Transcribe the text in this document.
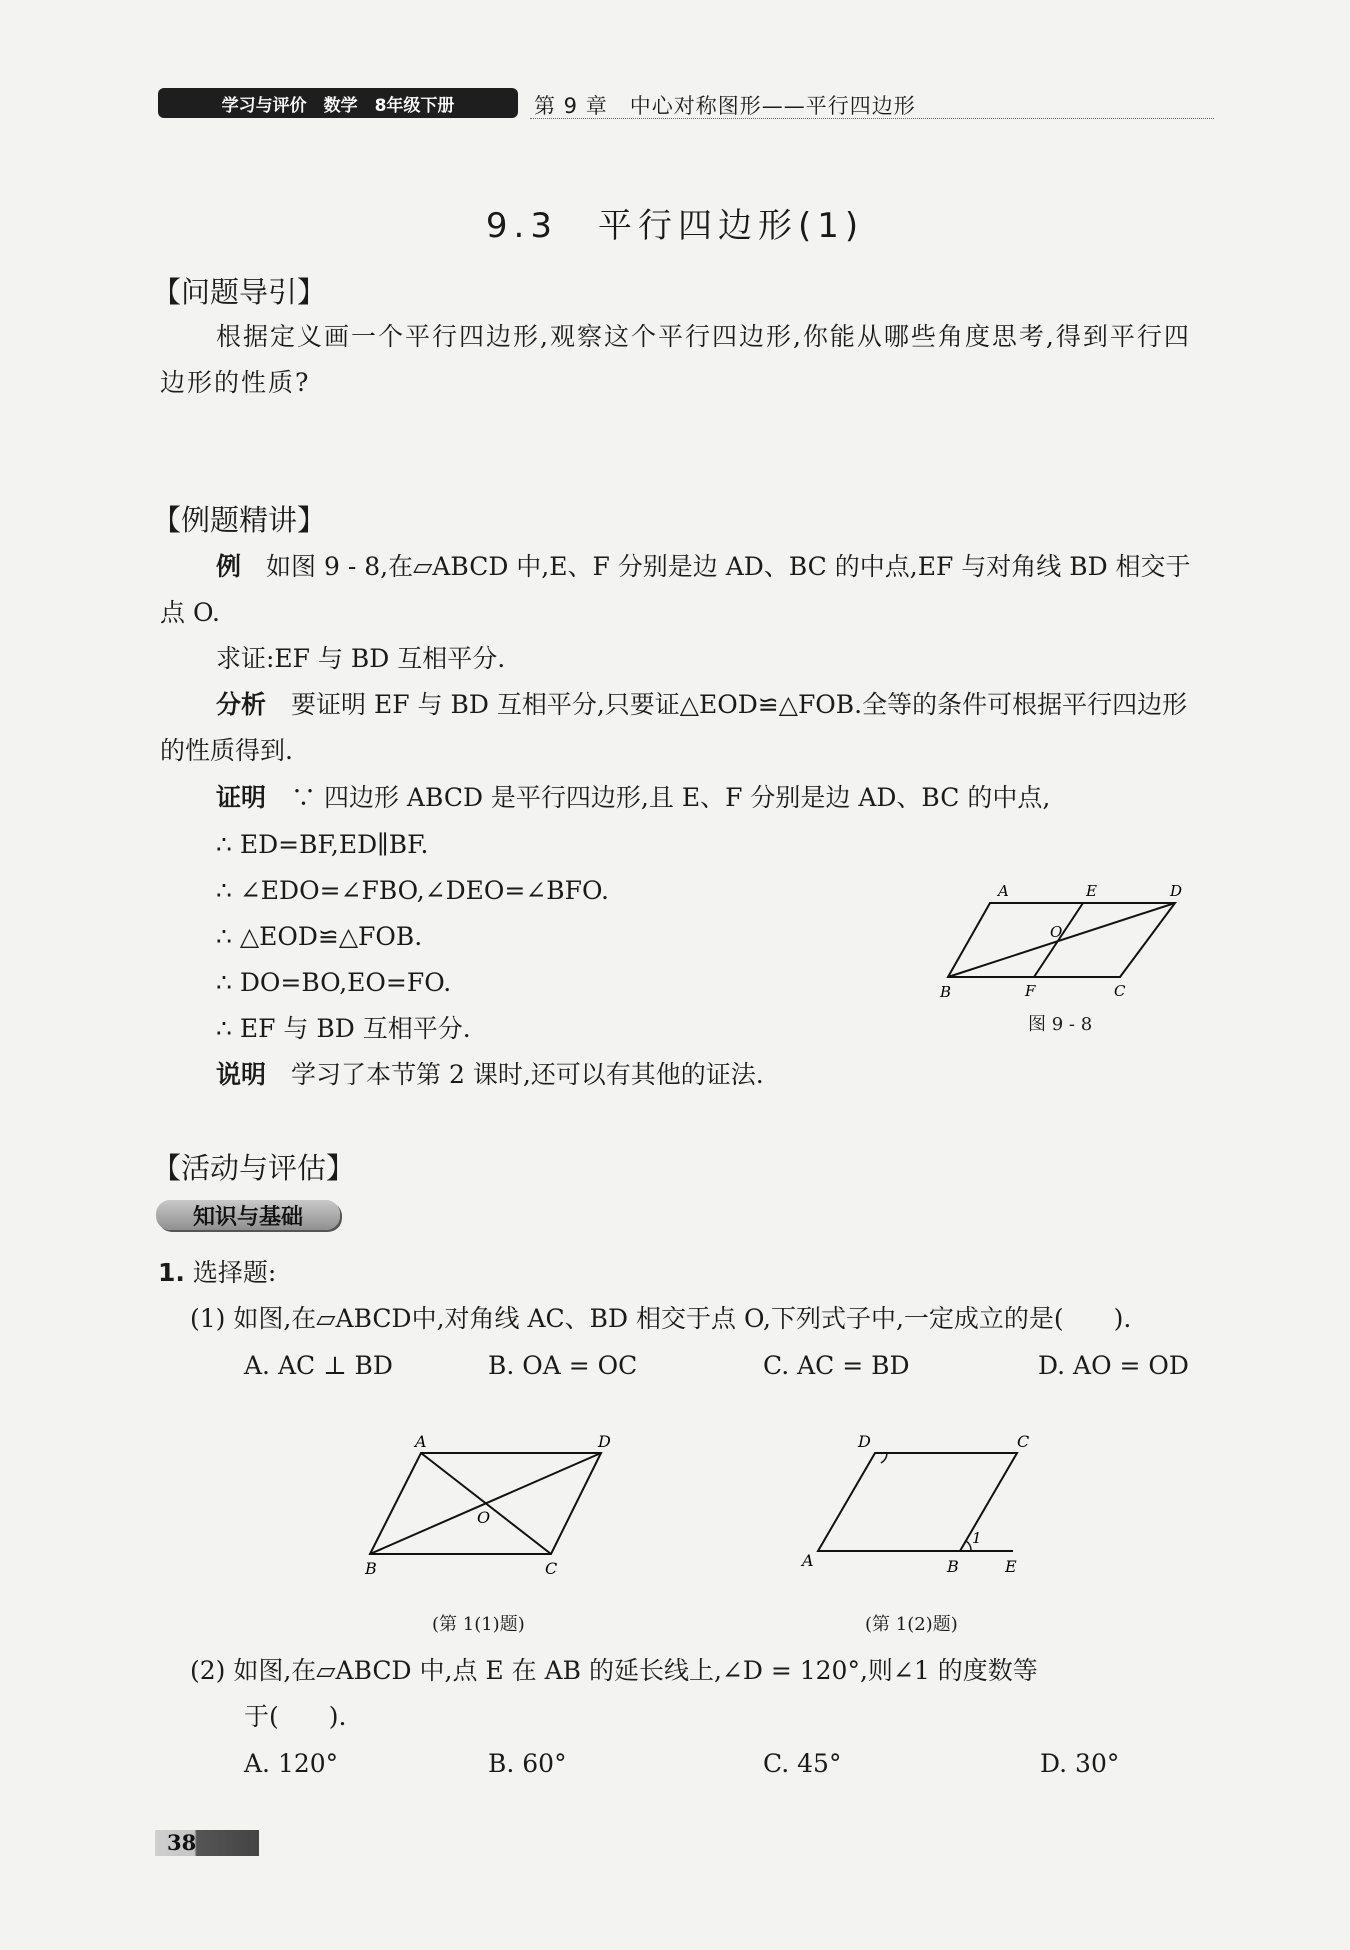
学习与评价　数学　8年级下册	第 9 章　中心对称图形——平行四边形
9.3　平行四边形(1)
【问题导引】
根据定义画一个平行四边形,观察这个平行四边形,你能从哪些角度思考,得到平行四边形的性质?
【例题精讲】
例　 如图 9 - 8,在▱ABCD 中,E、F 分别是边 AD、BC 的中点,EF 与对角线 BD 相交于点 O.
求证:EF 与 BD 互相平分.
分析　 要证明 EF 与 BD 互相平分,只要证△EOD≌△FOB.全等的条件可根据平行四边形的性质得到.
证明　 ∵ 四边形 ABCD 是平行四边形,且 E、F 分别是边 AD、BC 的中点,
∴ ED=BF,ED∥BF.
∴ ∠EDO=∠FBO,∠DEO=∠BFO.
∴ △EOD≌△FOB.
∴ DO=BO,EO=FO.
∴ EF 与 BD 互相平分.
说明　 学习了本节第 2 课时,还可以有其他的证法.
A	E	D
O
B	F	C
图 9 - 8
【活动与评估】
知识与基础
1. 选择题:
(1) 如图,在▱ABCD中,对角线 AC、BD 相交于点 O,下列式子中,一定成立的是(　　).
A. AC ⊥ BD	B. OA = OC	C. AC = BD	D. AO = OD
A	D
O
B	C
(第 1(1)题)
D	C
1
A	B	E
(第 1(2)题)
(2) 如图,在▱ABCD 中,点 E 在 AB 的延长线上,∠D = 120°,则∠1 的度数等
于(　　).
A. 120°	B. 60°	C. 45°	D. 30°
38
